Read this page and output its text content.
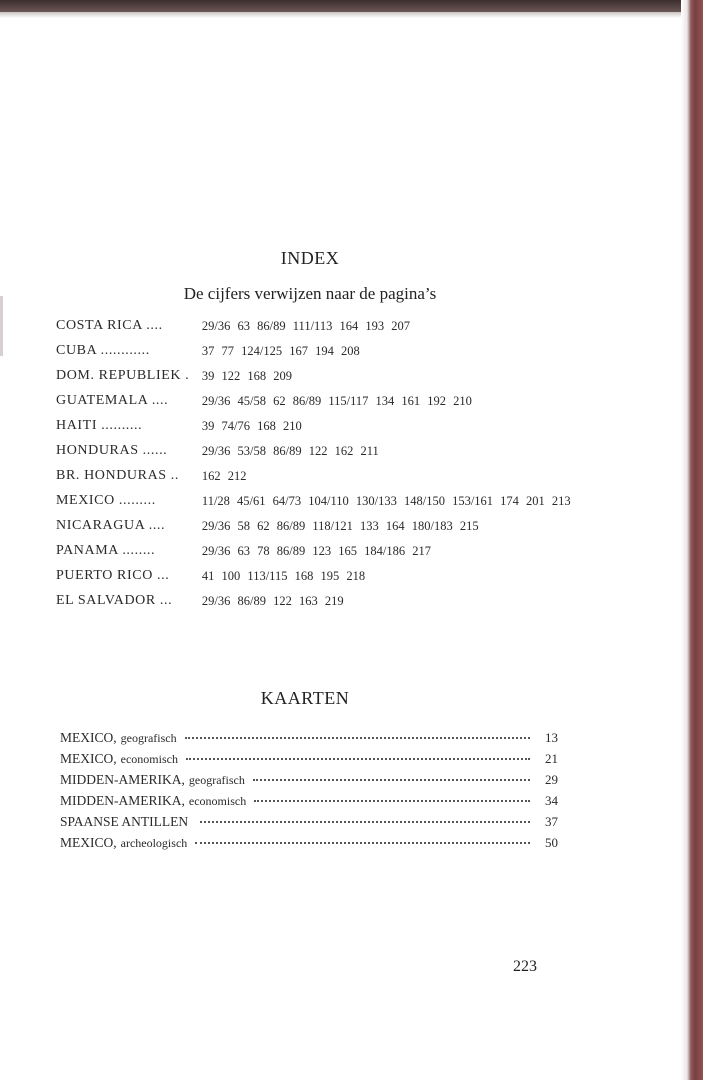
INDEX
De cijfers verwijzen naar de pagina’s
COSTA RICA ....	29/36 63 86/89 111/113 164 193 207
CUBA ............	37 77 124/125 167 194 208
DOM. REPUBLIEK .	39 122 168 209
GUATEMALA ....	29/36 45/58 62 86/89 115/117 134 161 192 210
HAITI ..........	39 74/76 168 210
HONDURAS ......	29/36 53/58 86/89 122 162 211
BR. HONDURAS ..	162 212
MEXICO .........	11/28 45/61 64/73 104/110 130/133 148/150 153/161 174 201 213
NICARAGUA ....	29/36 58 62 86/89 118/121 133 164 180/183 215
PANAMA ........	29/36 63 78 86/89 123 165 184/186 217
PUERTO RICO ...	41 100 113/115 168 195 218
EL SALVADOR ...	29/36 86/89 122 163 219
KAARTEN
MEXICO, geografisch	13
MEXICO, economisch	21
MIDDEN-AMERIKA, geografisch	29
MIDDEN-AMERIKA, economisch	34
SPAANSE ANTILLEN	37
MEXICO, archeologisch	50
223
